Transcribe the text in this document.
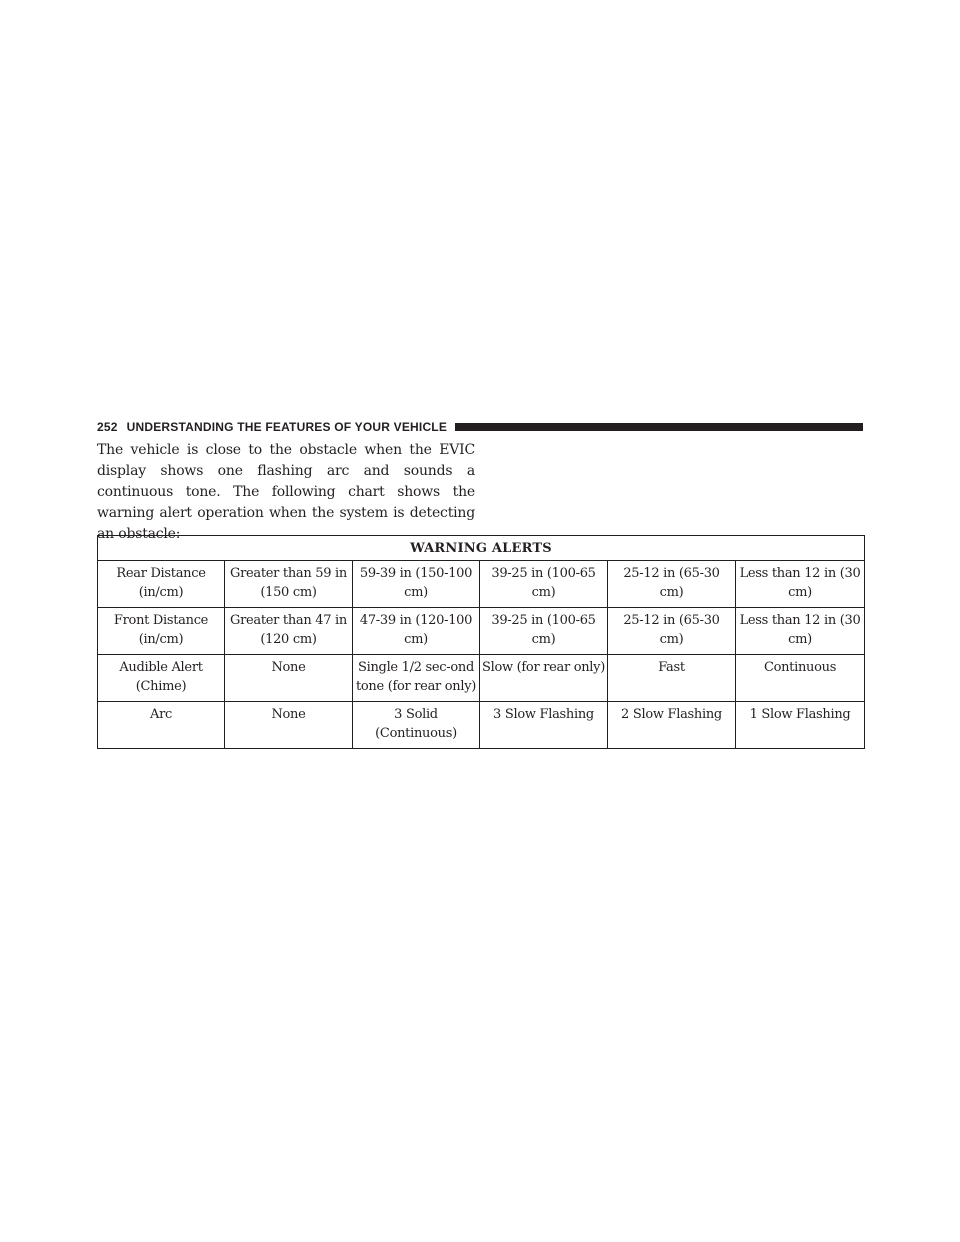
252 UNDERSTANDING THE FEATURES OF YOUR VEHICLE

The vehicle is close to the obstacle when the EVIC display shows one flashing arc and sounds a continuous tone. The following chart shows the warning alert operation when the system is detecting an obstacle:

WARNING ALERTS					
Rear Distance (in/cm)	Greater than 59 in (150 cm)	59-39 in (150-100 cm)	39-25 in (100-65 cm)	25-12 in (65-30 cm)	Less than 12 in (30 cm)
Front Distance (in/cm)	Greater than 47 in (120 cm)	47-39 in (120-100 cm)	39-25 in (100-65 cm)	25-12 in (65-30 cm)	Less than 12 in (30 cm)
Audible Alert (Chime)	None	Single 1/2 sec-ond tone (for rear only)	Slow (for rear only)	Fast	Continuous
Arc	None	3 Solid (Continuous)	3 Slow Flashing	2 Slow Flashing	1 Slow Flashing
